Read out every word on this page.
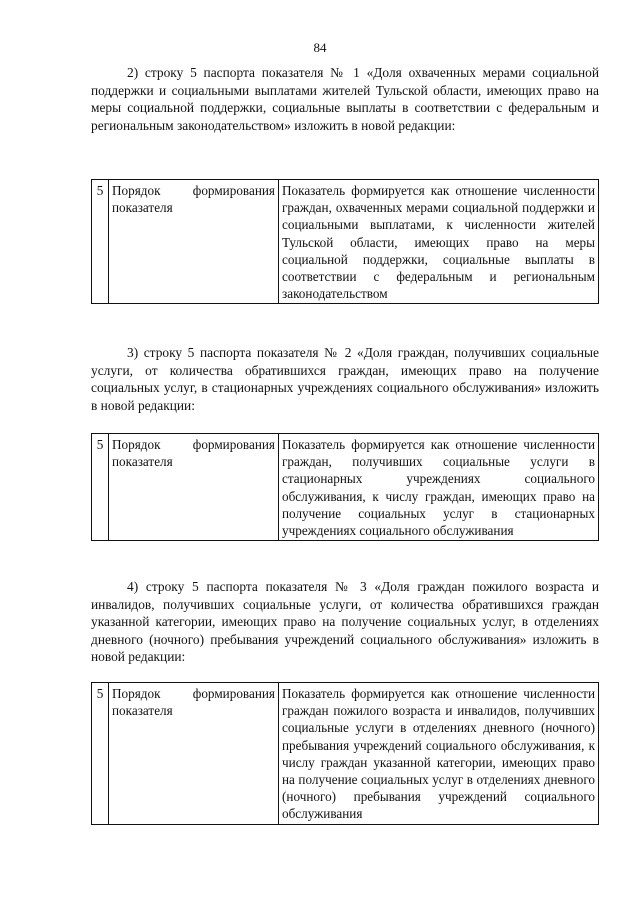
84

2) строку 5 паспорта показателя № 1 «Доля охваченных мерами социальной поддержки и социальными выплатами жителей Тульской области, имеющих право на меры социальной поддержки, социальные выплаты в соответствии с федеральным и региональным законодательством» изложить в новой редакции:

5	Порядок формирования показателя	Показатель формируется как отношение численности граждан, охваченных мерами социальной поддержки и социальными выплатами, к численности жителей Тульской области, имеющих право на меры социальной поддержки, социальные выплаты в соответствии с федеральным и региональным законодательством

3) строку 5 паспорта показателя № 2 «Доля граждан, получивших социальные услуги, от количества обратившихся граждан, имеющих право на получение социальных услуг, в стационарных учреждениях социального обслуживания» изложить в новой редакции:

5	Порядок формирования показателя	Показатель формируется как отношение численности граждан, получивших социальные услуги в стационарных учреждениях социального обслуживания, к числу граждан, имеющих право на получение социальных услуг в стационарных учреждениях социального обслуживания

4) строку 5 паспорта показателя № 3 «Доля граждан пожилого возраста и инвалидов, получивших социальные услуги, от количества обратившихся граждан указанной категории, имеющих право на получение социальных услуг, в отделениях дневного (ночного) пребывания учреждений социального обслуживания» изложить в новой редакции:

5	Порядок формирования показателя	Показатель формируется как отношение численности граждан пожилого возраста и инвалидов, получивших социальные услуги в отделениях дневного (ночного) пребывания учреждений социального обслуживания, к числу граждан указанной категории, имеющих право на получение социальных услуг в отделениях дневного (ночного) пребывания учреждений социального обслуживания
